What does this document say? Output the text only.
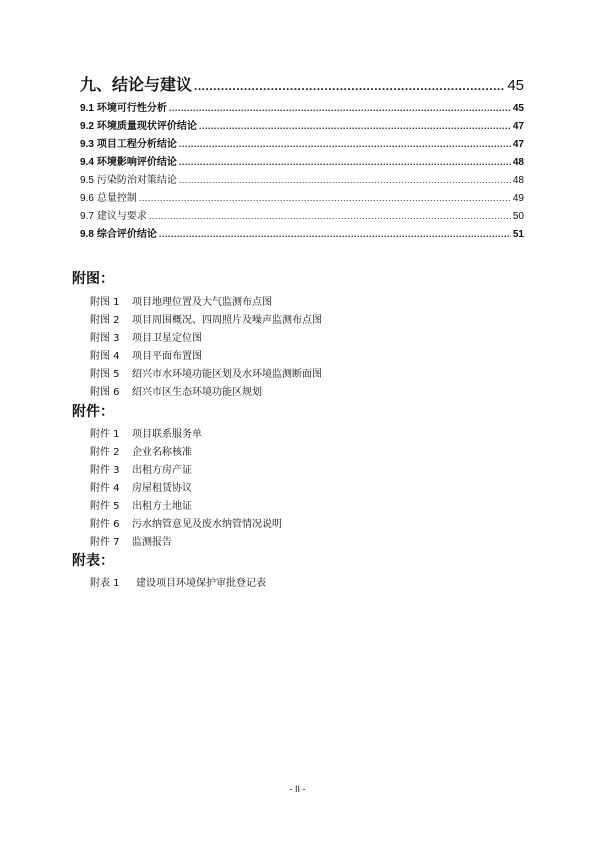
九、结论与建议 .....	45
9.1 环境可行性分析 .....	45
9.2 环境质量现状评价结论 .....	47
9.3 项目工程分析结论 .....	47
9.4 环境影响评价结论 .....	48
9.5 污染防治对策结论 .....	48
9.6 总量控制 .....	49
9.7 建议与要求 .....	50
9.8 综合评价结论 .....	51
附图：
附图 1	项目地理位置及大气监测布点图
附图 2	项目周围概况、四周照片及噪声监测布点图
附图 3	项目卫星定位图
附图 4	项目平面布置图
附图 5	绍兴市水环境功能区划及水环境监测断面图
附图 6	绍兴市区生态环境功能区规划
附件：
附件 1	项目联系服务单
附件 2	企业名称核准
附件 3	出租方房产证
附件 4	房屋租赁协议
附件 5	出租方土地证
附件 6	污水纳管意见及废水纳管情况说明
附件 7	监测报告
附表：
附表 1	建设项目环境保护审批登记表
- II -
